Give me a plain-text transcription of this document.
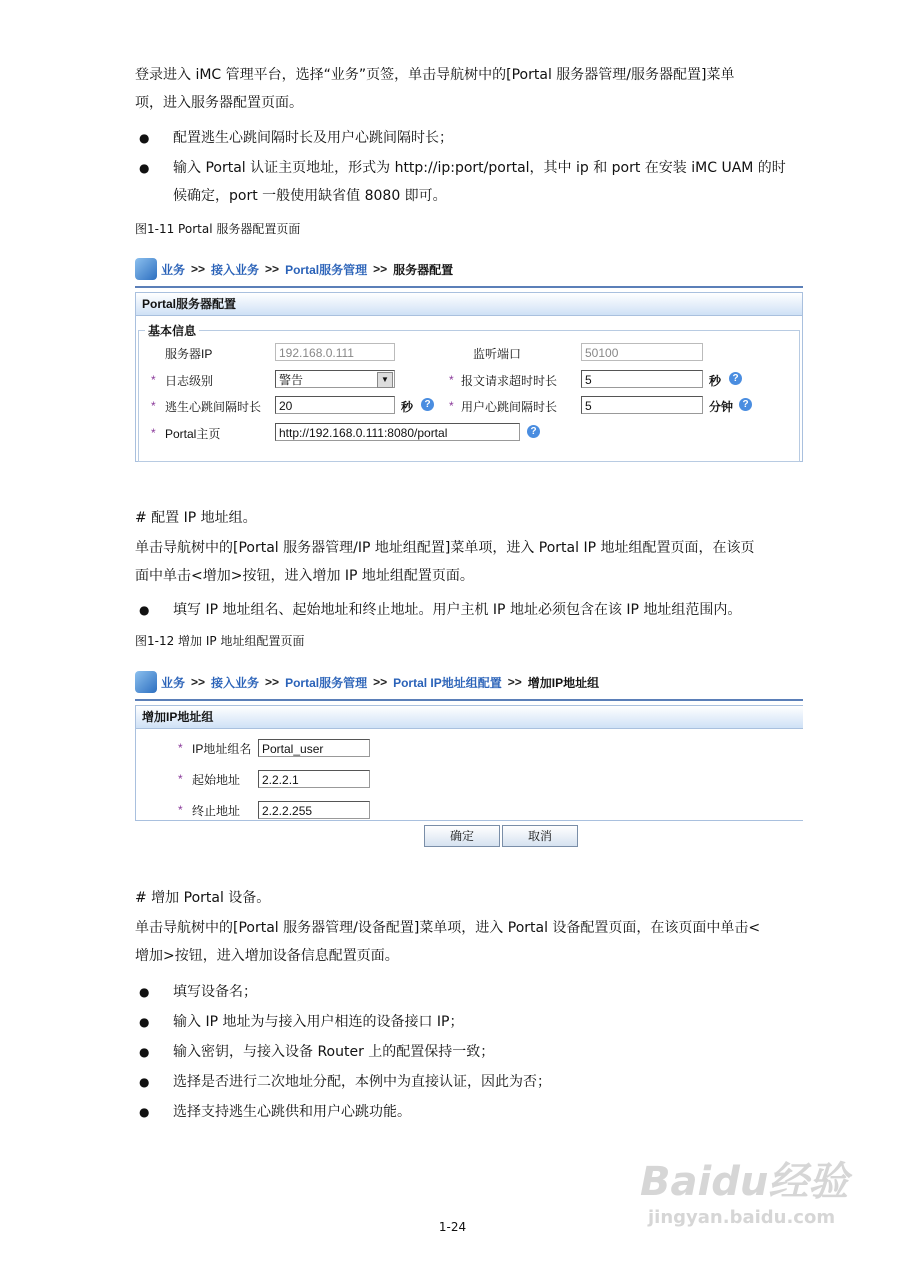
登录进入 iMC 管理平台，选择“业务”页签，单击导航树中的[Portal 服务器管理/服务器配置]菜单
项，进入服务器配置页面。
● 配置逃生心跳间隔时长及用户心跳间隔时长；
● 输入 Portal 认证主页地址，形式为 http://ip:port/portal，其中 ip 和 port 在安装 iMC UAM 的时
候确定，port 一般使用缺省值 8080 即可。
图1-11 Portal 服务器配置页面
业务 >> 接入业务 >> Portal服务管理 >> 服务器配置
Portal服务器配置
基本信息
服务器IP	192.168.0.111	监听端口	50100
* 日志级别	警告	▼	* 报文请求超时时长	5	秒	?
* 逃生心跳间隔时长	20	秒	? * 用户心跳间隔时长	5	分钟 ?
* Portal主页	http://192.168.0.111:8080/portal	?
# 配置 IP 地址组。
单击导航树中的[Portal 服务器管理/IP 地址组配置]菜单项，进入 Portal IP 地址组配置页面，在该页
面中单击<增加>按钮，进入增加 IP 地址组配置页面。
● 填写 IP 地址组名、起始地址和终止地址。用户主机 IP 地址必须包含在该 IP 地址组范围内。
图1-12 增加 IP 地址组配置页面
业务 >> 接入业务 >> Portal服务管理 >> Portal IP地址组配置 >> 增加IP地址组
增加IP地址组
* IP地址组名 Portal_user
* 起始地址	2.2.2.1
* 终止地址	2.2.2.255
确定	取消
# 增加 Portal 设备。
单击导航树中的[Portal 服务器管理/设备配置]菜单项，进入 Portal 设备配置页面，在该页面中单击<
增加>按钮，进入增加设备信息配置页面。
● 填写设备名；
● 输入 IP 地址为与接入用户相连的设备接口 IP；
● 输入密钥，与接入设备 Router 上的配置保持一致；
● 选择是否进行二次地址分配，本例中为直接认证，因此为否；
● 选择支持逃生心跳供和用户心跳功能。
1-24
Baidu经验
jingyan.baidu.com
